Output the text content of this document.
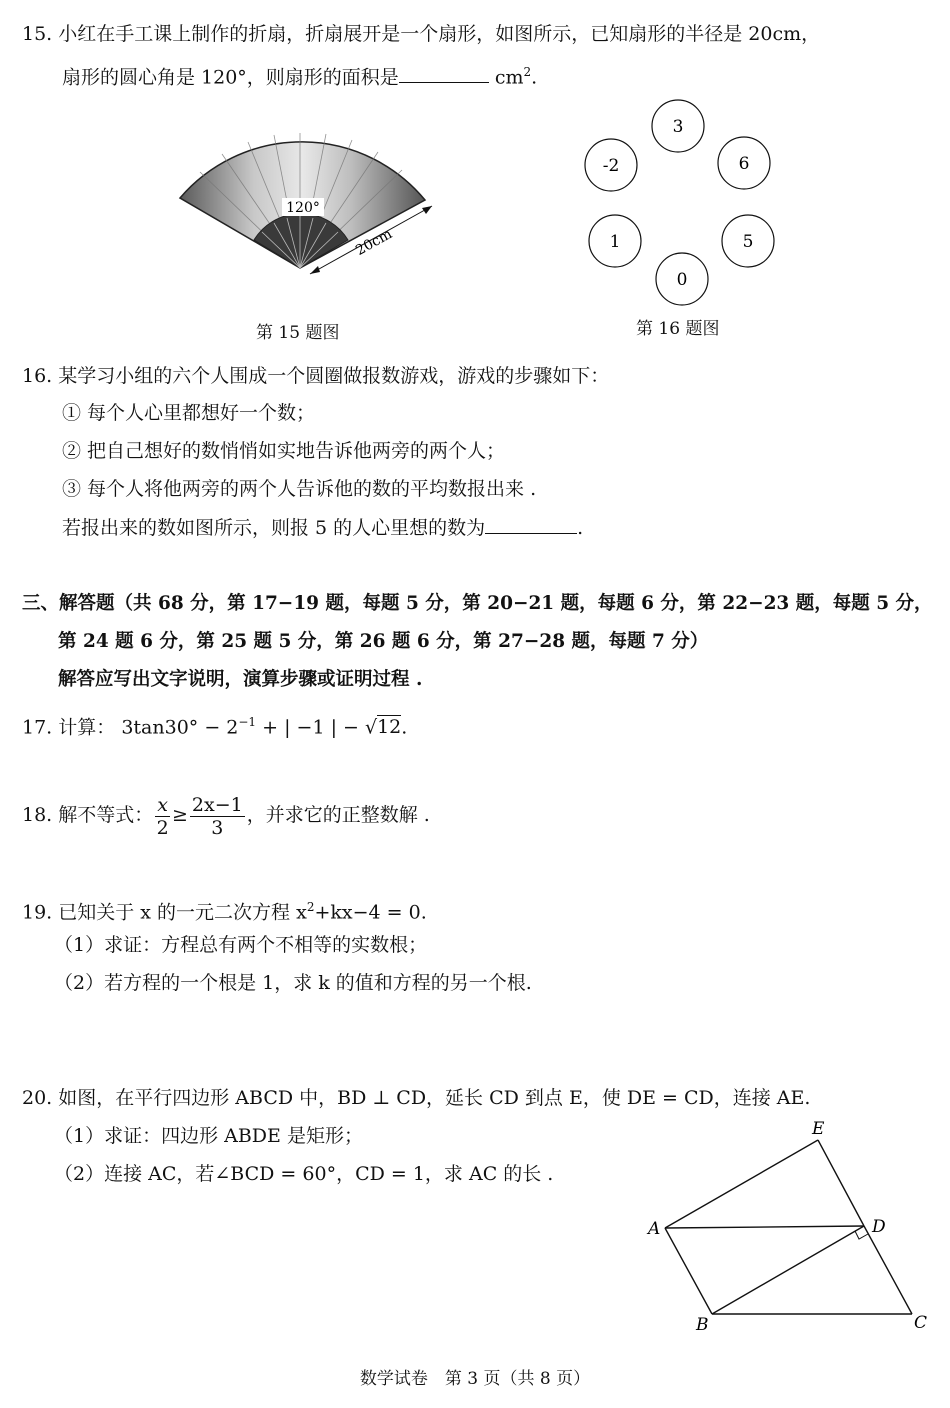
15. 小红在手工课上制作的折扇，折扇展开是一个扇形，如图所示，已知扇形的半径是 20cm，
扇形的圆心角是 120°，则扇形的面积是	$cm^2$.
120°
20cm
第 15 题图
3
6
5
0
1
-2
第 16 题图
16. 某学习小组的六个人围成一个圆圈做报数游戏，游戏的步骤如下：
① 每个人心里都想好一个数；
② 把自己想好的数悄悄如实地告诉他两旁的两个人；
③ 每个人将他两旁的两个人告诉他的数的平均数报出来 .
若报出来的数如图所示，则报 5 的人心里想的数为	.
三、解答题（共 68 分，第 17−19 题，每题 5 分，第 20−21 题，每题 6 分，第 22−23 题，每题 5 分，
第 24 题 6 分，第 25 题 5 分，第 26 题 6 分，第 27−28 题，每题 7 分）
解答应写出文字说明，演算步骤或证明过程 .
17. 计算： $3\tan 30^\circ - 2^{-1}$ + | −1 | − √12.
18. 解不等式： $\frac{x}{2} \ge \frac{2x-1}{3}$ ，并求它的正整数解 .
19. 已知关于 x 的一元二次方程 $x^2+kx-4 = 0$.
（1）求证：方程总有两个不相等的实数根；
（2）若方程的一个根是 1，求 k 的值和方程的另一个根.
20. 如图，在平行四边形 ABCD 中，BD ⊥ CD，延长 CD 到点 E，使 DE = CD，连接 AE.
（1）求证：四边形 ABDE 是矩形；
（2）连接 AC，若∠BCD = 60°，CD = 1，求 AC 的长 .
E
A	D
B	C
数学试卷　第 3 页（共 8 页）
